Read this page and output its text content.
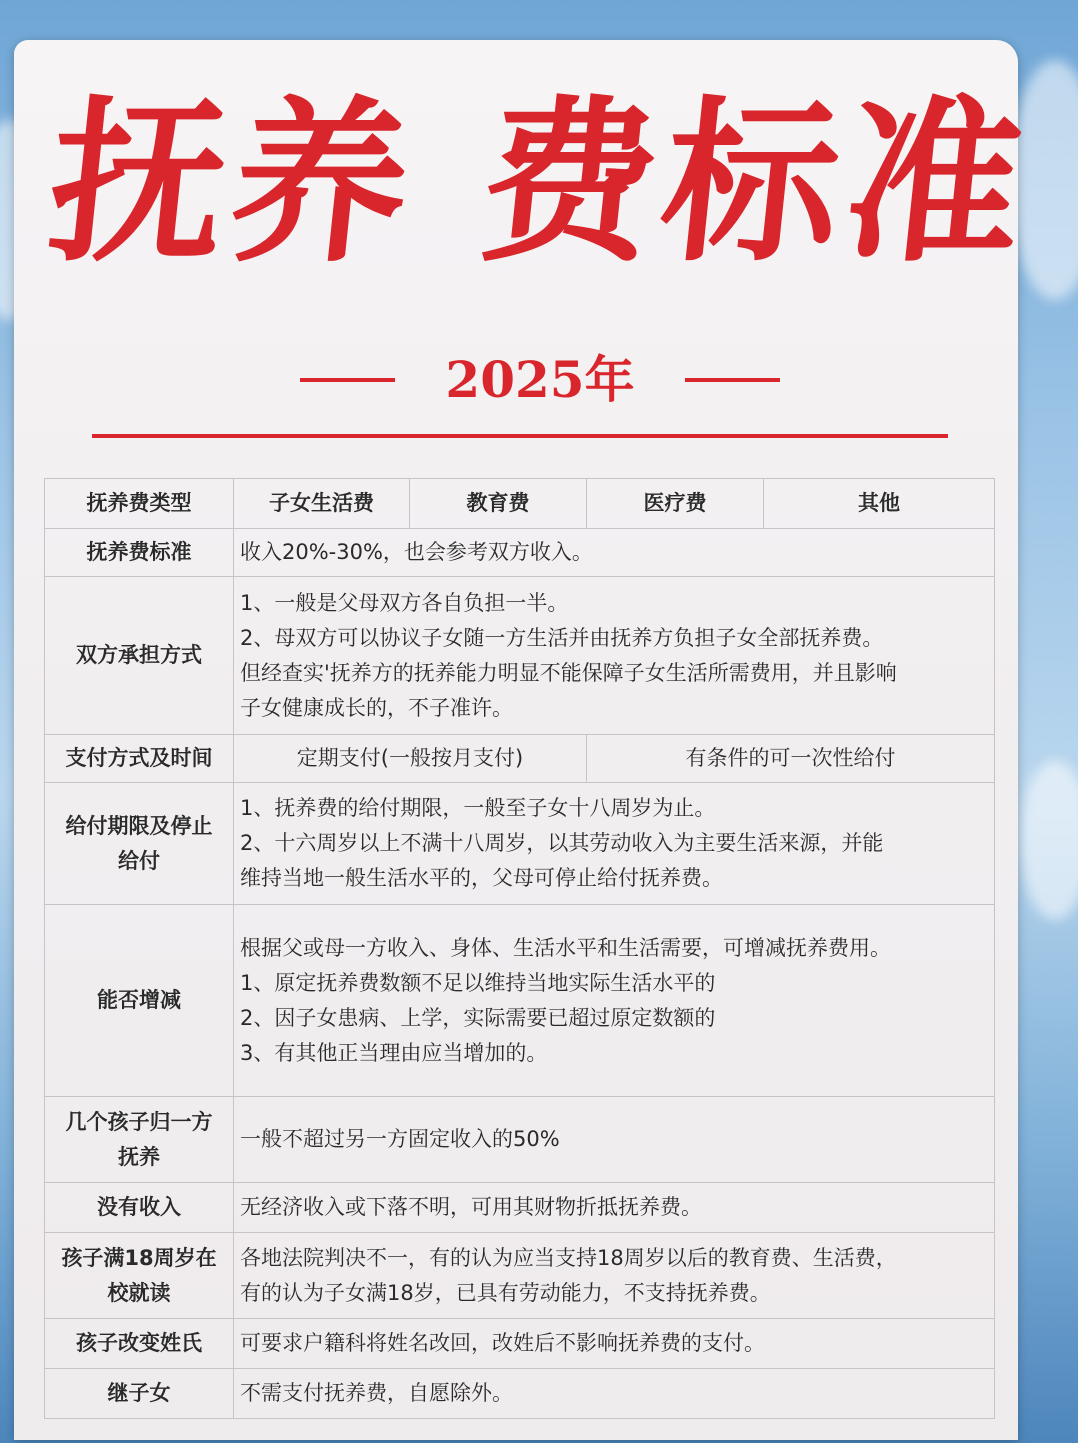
抚养 费标准
2025年
抚养费类型	子女生活费	教育费	医疗费	其他
抚养费标准	收入20%-30%，也会参考双方收入。			
双方承担方式	1、一般是父母双方各自负担一半。
2、母双方可以协议子女随一方生活并由抚养方负担子女全部抚养费。
但经查实'抚养方的抚养能力明显不能保障子女生活所需费用，并且影响
子女健康成长的，不子准许。			

支付方式及时间	定期支付(一般按月支付)		有条件的可一次性给付	

给付期限及停止
给付	1、抚养费的给付期限，一般至子女十八周岁为止。
2、十六周岁以上不满十八周岁，以其劳动收入为主要生活来源，并能
维持当地一般生活水平的，父母可停止给付抚养费。			

能否增减	根据父或母一方收入、身体、生活水平和生活需要，可增减抚养费用。
1、原定抚养费数额不足以维持当地实际生活水平的
2、因子女患病、上学，实际需要已超过原定数额的
3、有其他正当理由应当增加的。			

几个孩子归一方
抚养	一般不超过另一方固定收入的50%			
没有收入	无经济收入或下落不明，可用其财物折抵抚养费。			

孩子满18周岁在
校就读	各地法院判决不一，有的认为应当支持18周岁以后的教育费、生活费，
有的认为子女满18岁，已具有劳动能力，不支持抚养费。			

孩子改变姓氏	可要求户籍科将姓名改回，改姓后不影响抚养费的支付。			
继子女	不需支付抚养费，自愿除外。			
